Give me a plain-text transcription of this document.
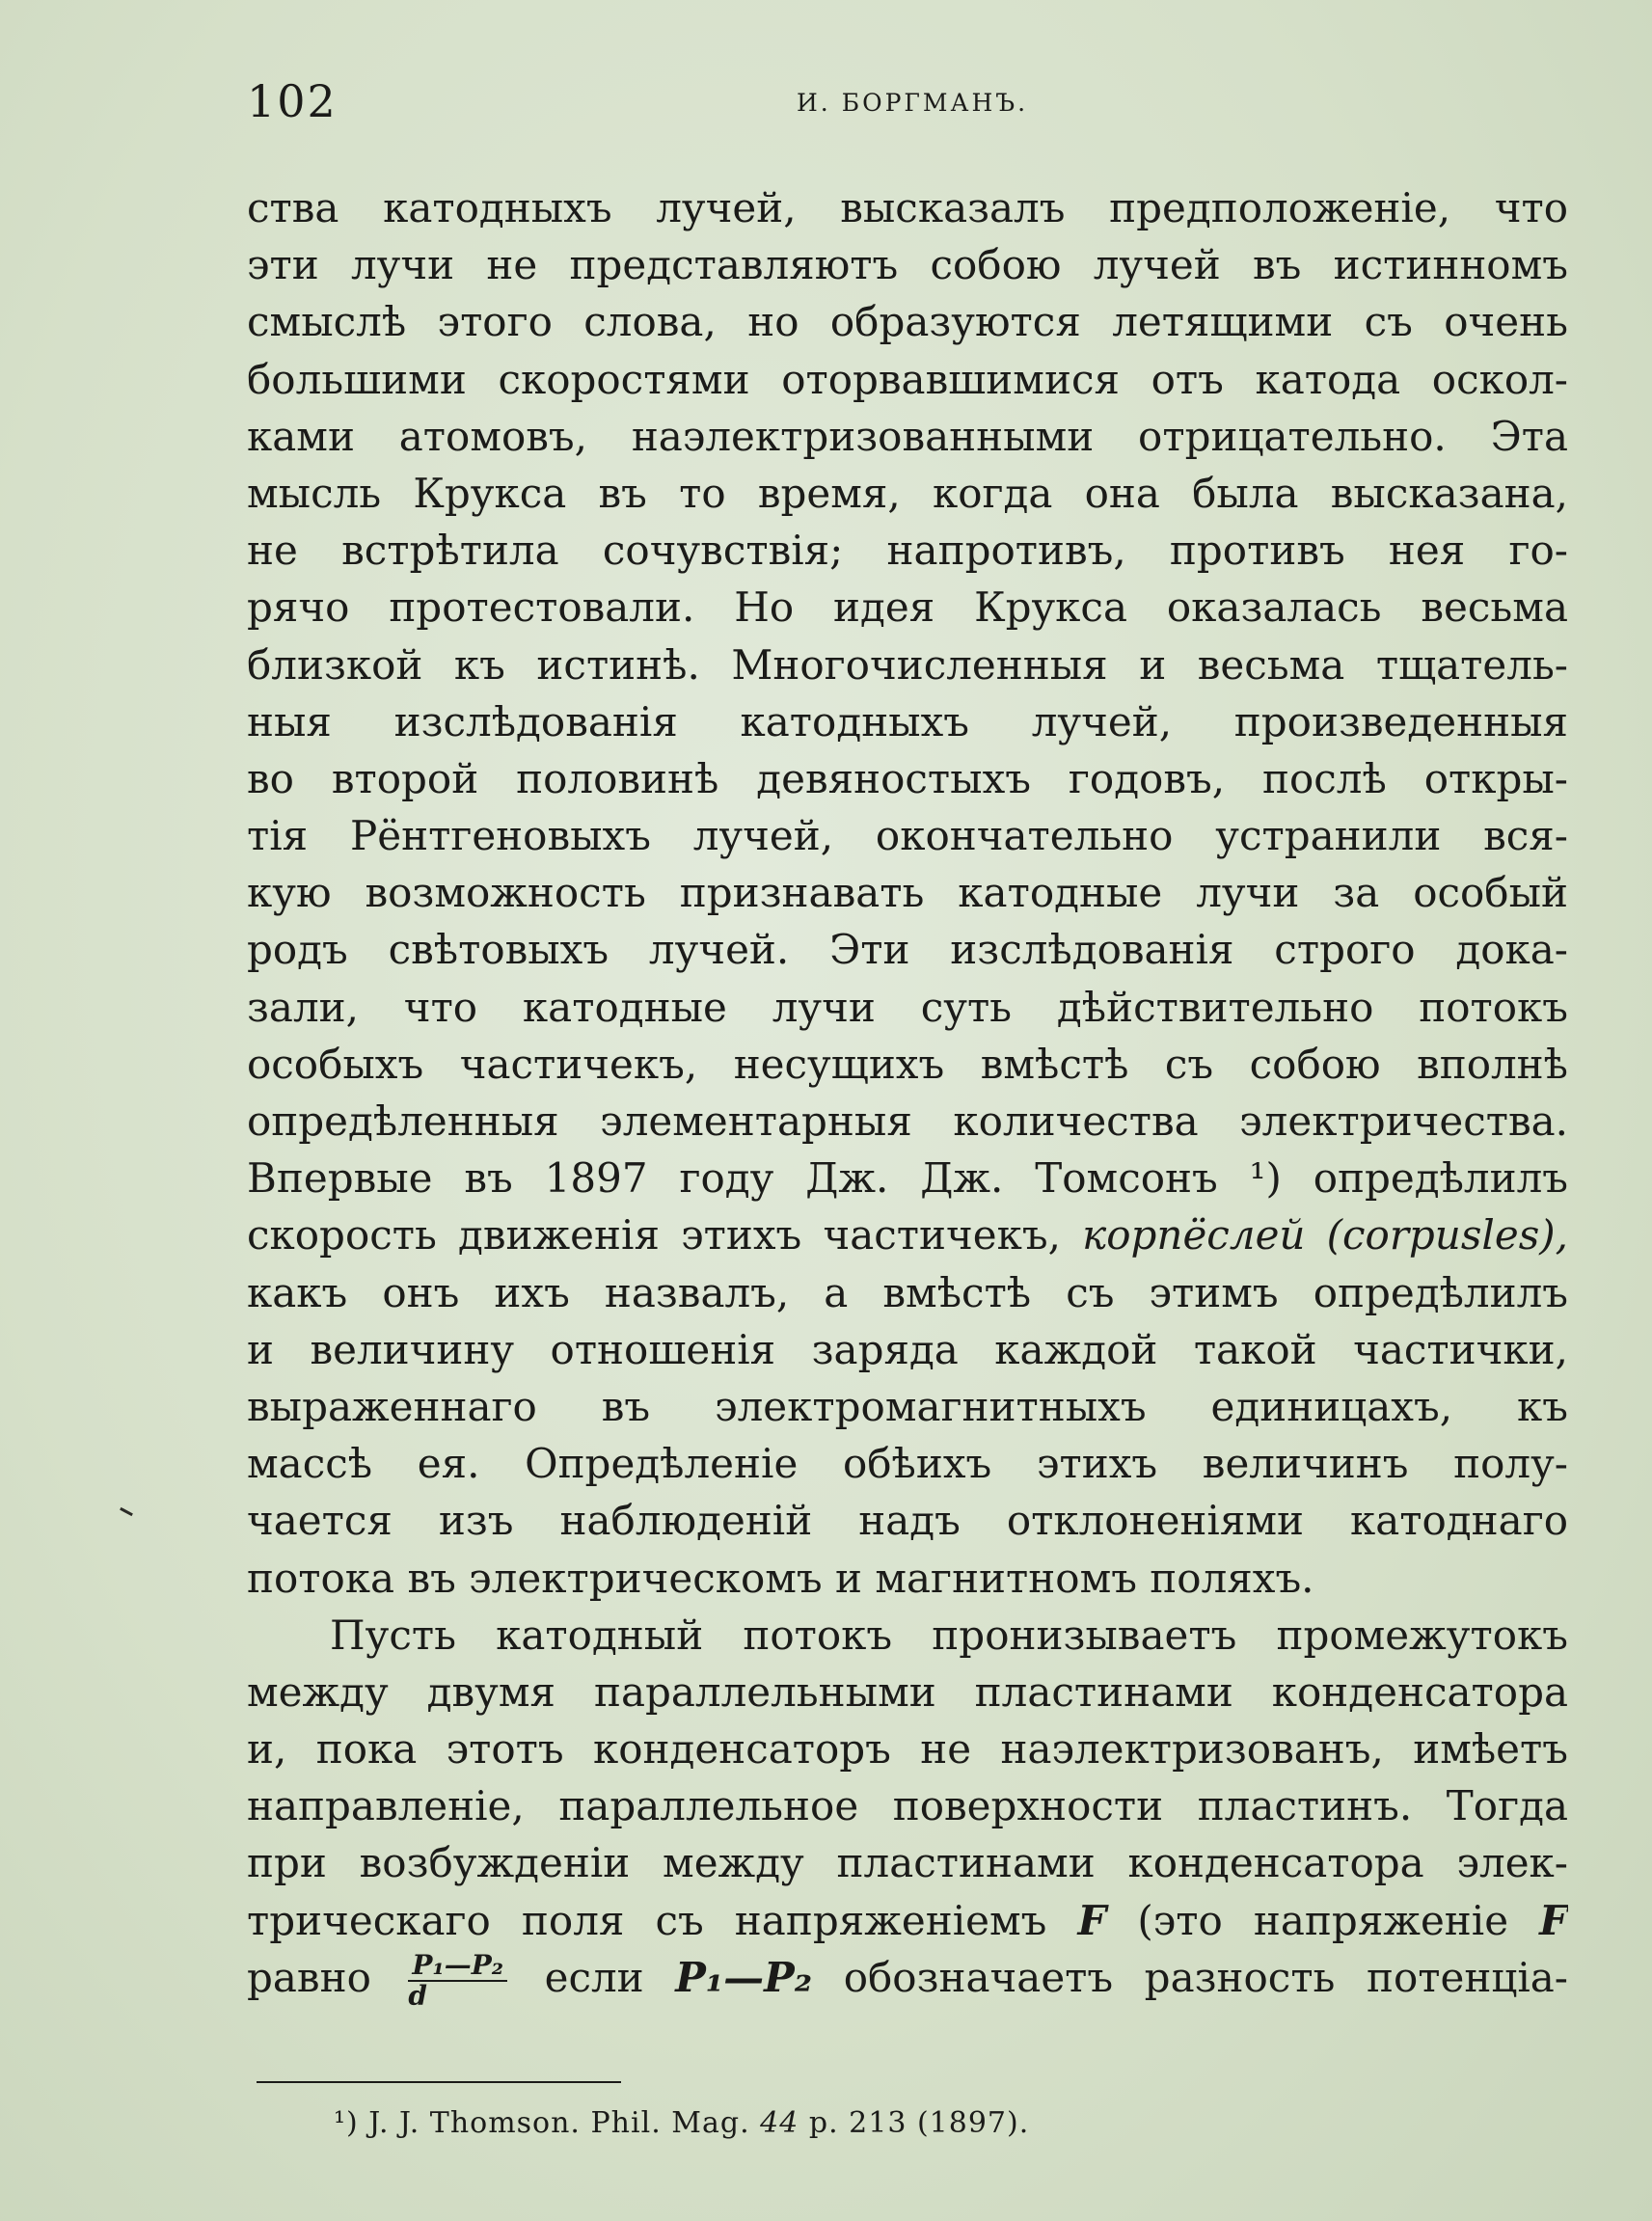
102	И. БОРГМАНЪ.
ства катодныхъ лучей, высказалъ предположенiе, что
эти лучи не представляютъ собою лучей въ истинномъ
смыслѣ этого слова, но образуются летящими съ очень
большими скоростями оторвавшимися отъ катода оскол-
ками атомовъ, наэлектризованными отрицательно. Эта
мысль Крукса въ то время, когда она была высказана,
не встрѣтила сочувствiя; напротивъ, противъ нея го-
рячо протестовали. Но идея Крукса оказалась весьма
близкой къ истинѣ. Многочисленныя и весьма тщатель-
ныя изслѣдованiя катодныхъ лучей, произведенныя
во второй половинѣ девяностыхъ годовъ, послѣ откры-
тiя Рёнтгеновыхъ лучей, окончательно устранили вся-
кую возможность признавать катодные лучи за особый
родъ свѣтовыхъ лучей. Эти изслѣдованiя строго дока-
зали, что катодные лучи суть дѣйствительно потокъ
особыхъ частичекъ, несущихъ вмѣстѣ съ собою вполнѣ
опредѣленныя элементарныя количества электричества.
Впервые въ 1897 году Дж. Дж. Томсонъ ¹) опредѣлилъ
скорость движенiя этихъ частичекъ, корпёслей (corpusles),
какъ онъ ихъ назвалъ, а вмѣстѣ съ этимъ опредѣлилъ
и величину отношенiя заряда каждой такой частички,
выраженнаго въ электромагнитныхъ единицахъ, къ
массѣ ея. Опредѣленiе обѣихъ этихъ величинъ полу-
чается изъ наблюденiй надъ отклоненiями катоднаго
потока въ электрическомъ и магнитномъ поляхъ.
Пусть катодный потокъ пронизываетъ промежутокъ
между двумя параллельными пластинами конденсатора
и, пока этотъ конденсаторъ не наэлектризованъ, имѣетъ
направленiе, параллельное поверхности пластинъ. Тогда
при возбужденiи между пластинами конденсатора элек-
трическаго поля съ напряженiемъ F (это напряженiе F
равно $\frac{\text{P₁—P₂}}{d}$ если P₁—P₂ обозначаетъ разность потенцiа-
¹) J. J. Thomson. Phil. Mag. 44 p. 213 (1897).
